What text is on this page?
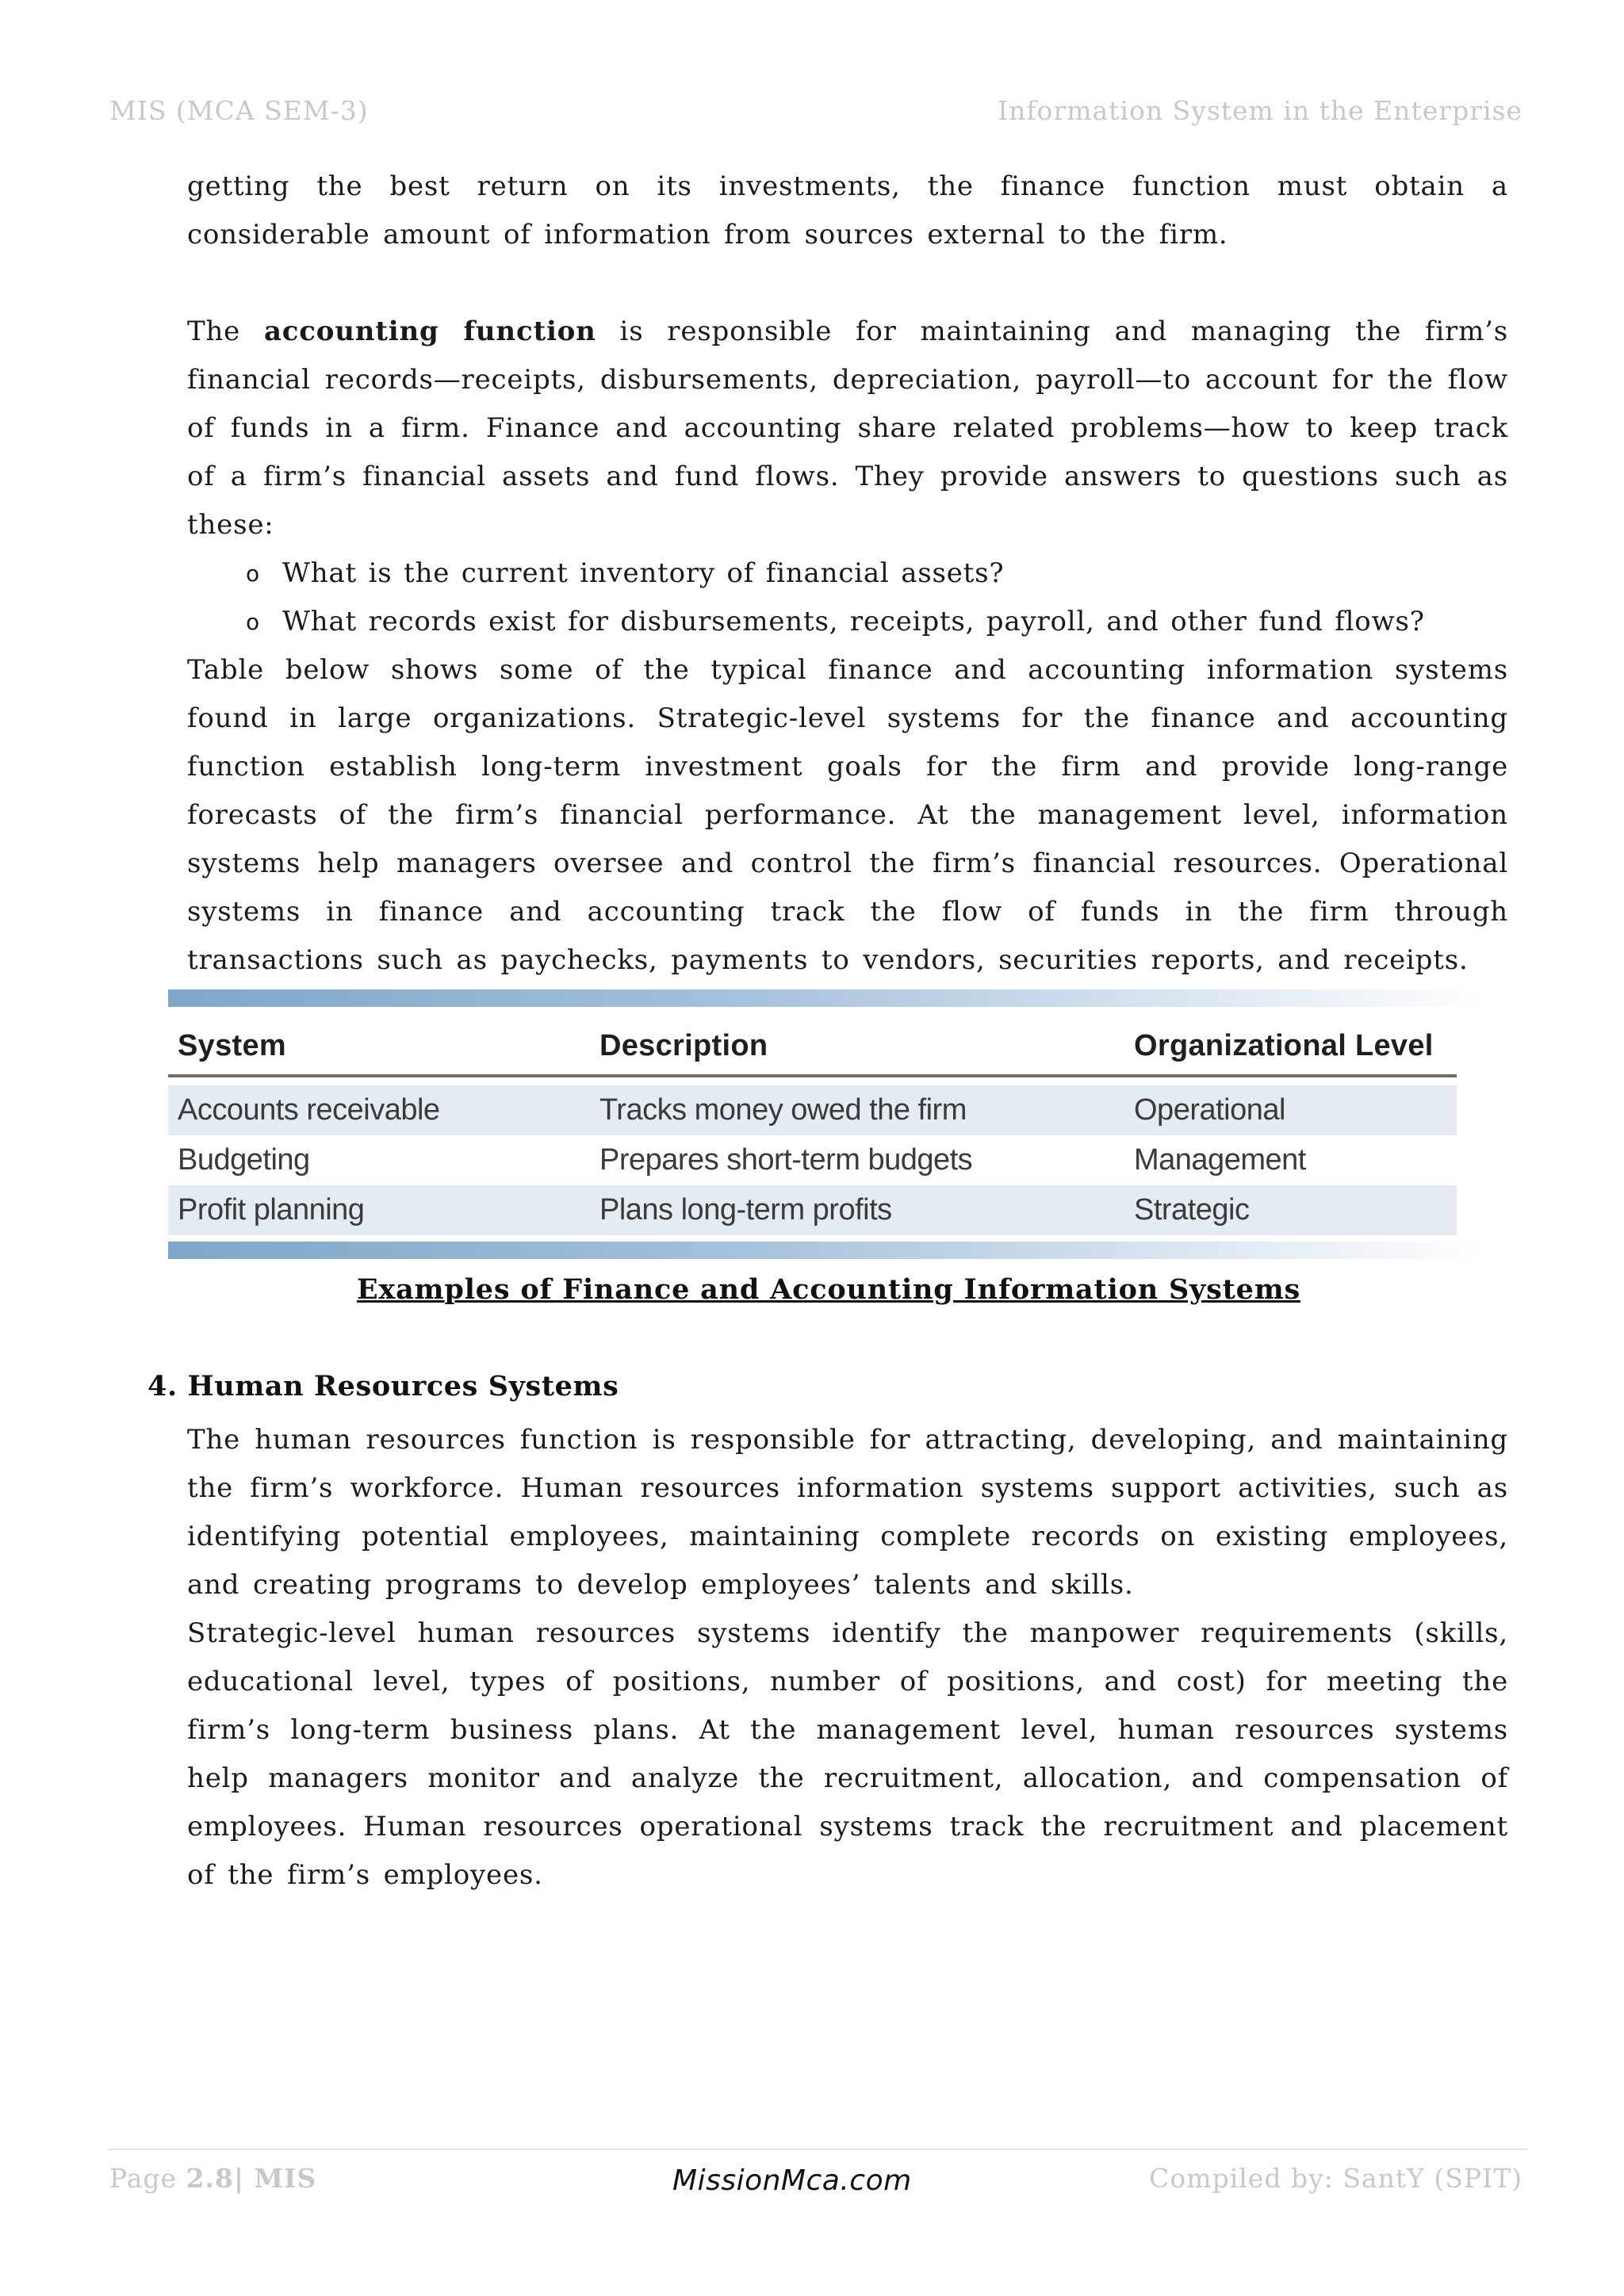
MIS (MCA SEM-3)	Information System in the Enterprise

getting the best return on its investments, the finance function must obtain a considerable amount of information from sources external to the firm.

The accounting function is responsible for maintaining and managing the firm’s financial records—receipts, disbursements, depreciation, payroll—to account for the flow of funds in a firm. Finance and accounting share related problems—how to keep track of a firm’s financial assets and fund flows. They provide answers to questions such as these:

o What is the current inventory of financial assets?
o What records exist for disbursements, receipts, payroll, and other fund flows?

Table below shows some of the typical finance and accounting information systems found in large organizations. Strategic-level systems for the finance and accounting function establish long-term investment goals for the firm and provide long-range forecasts of the firm’s financial performance. At the management level, information systems help managers oversee and control the firm’s financial resources. Operational systems in finance and accounting track the flow of funds in the firm through transactions such as paychecks, payments to vendors, securities reports, and receipts.

System	Description	Organizational Level
Accounts receivable	Tracks money owed the firm	Operational
Budgeting	Prepares short-term budgets	Management
Profit planning	Plans long-term profits	Strategic
Examples of Finance and Accounting Information Systems
4. Human Resources Systems

The human resources function is responsible for attracting, developing, and maintaining the firm’s workforce. Human resources information systems support activities, such as identifying potential employees, maintaining complete records on existing employees, and creating programs to develop employees’ talents and skills.

Strategic-level human resources systems identify the manpower requirements (skills, educational level, types of positions, number of positions, and cost) for meeting the firm’s long-term business plans. At the management level, human resources systems help managers monitor and analyze the recruitment, allocation, and compensation of employees. Human resources operational systems track the recruitment and placement of the firm’s employees.

Page 2.8| MIS	MissionMca.com	Compiled by: SantY (SPIT)
